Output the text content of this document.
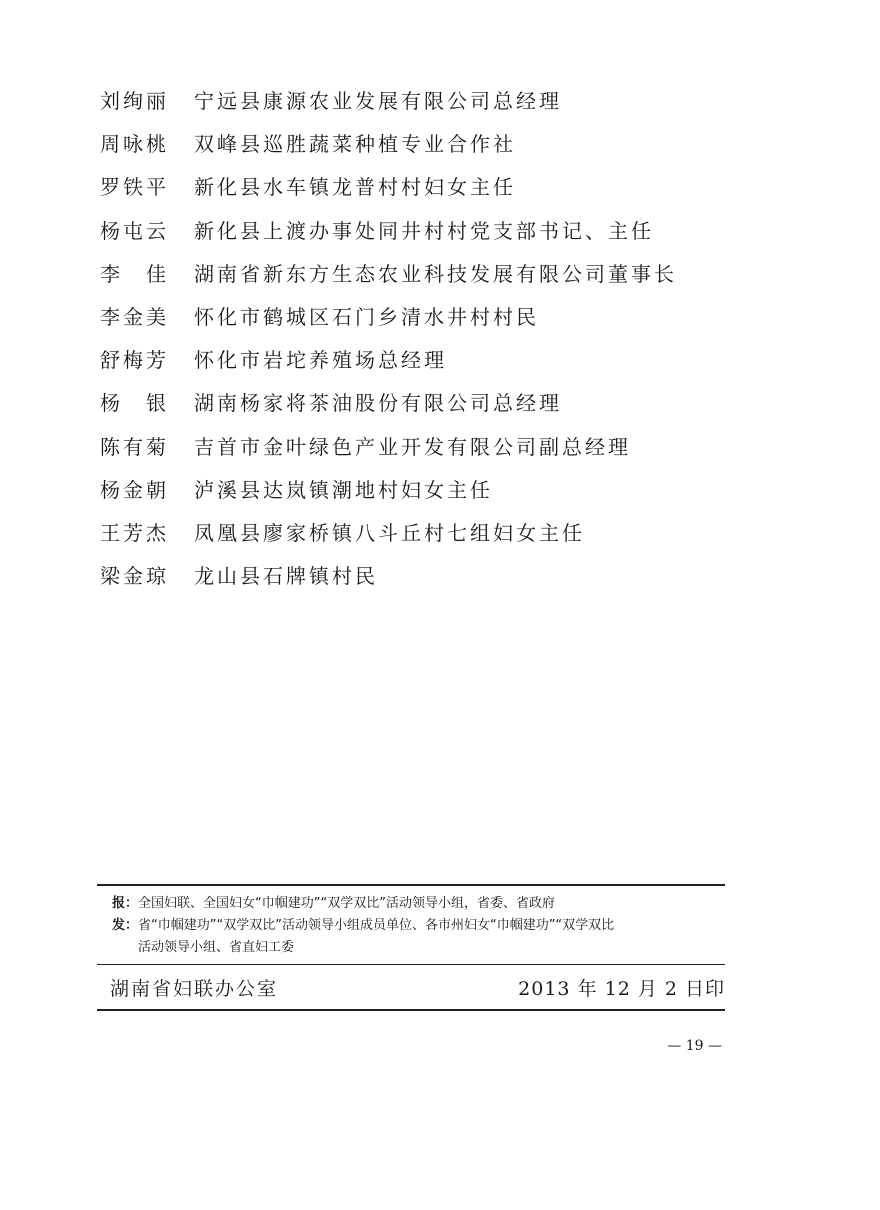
刘绚丽	宁远县康源农业发展有限公司总经理
周咏桃	双峰县巡胜蔬菜种植专业合作社
罗铁平	新化县水车镇龙普村村妇女主任
杨屯云	新化县上渡办事处同井村村党支部书记、主任
李　佳	湖南省新东方生态农业科技发展有限公司董事长
李金美	怀化市鹤城区石门乡清水井村村民
舒梅芳	怀化市岩坨养殖场总经理
杨　银	湖南杨家将茶油股份有限公司总经理
陈有菊	吉首市金叶绿色产业开发有限公司副总经理
杨金朝	泸溪县达岚镇潮地村妇女主任
王芳杰	凤凰县廖家桥镇八斗丘村七组妇女主任
梁金琼	龙山县石牌镇村民
报： 全国妇联、全国妇女“巾帼建功”“双学双比”活动领导小组，省委、省政府
发： 省“巾帼建功”“双学双比”活动领导小组成员单位、各市州妇女“巾帼建功”“双学双比
活动领导小组、省直妇工委
湖南省妇联办公室	2013 年 12 月 2 日印
— 19 —
